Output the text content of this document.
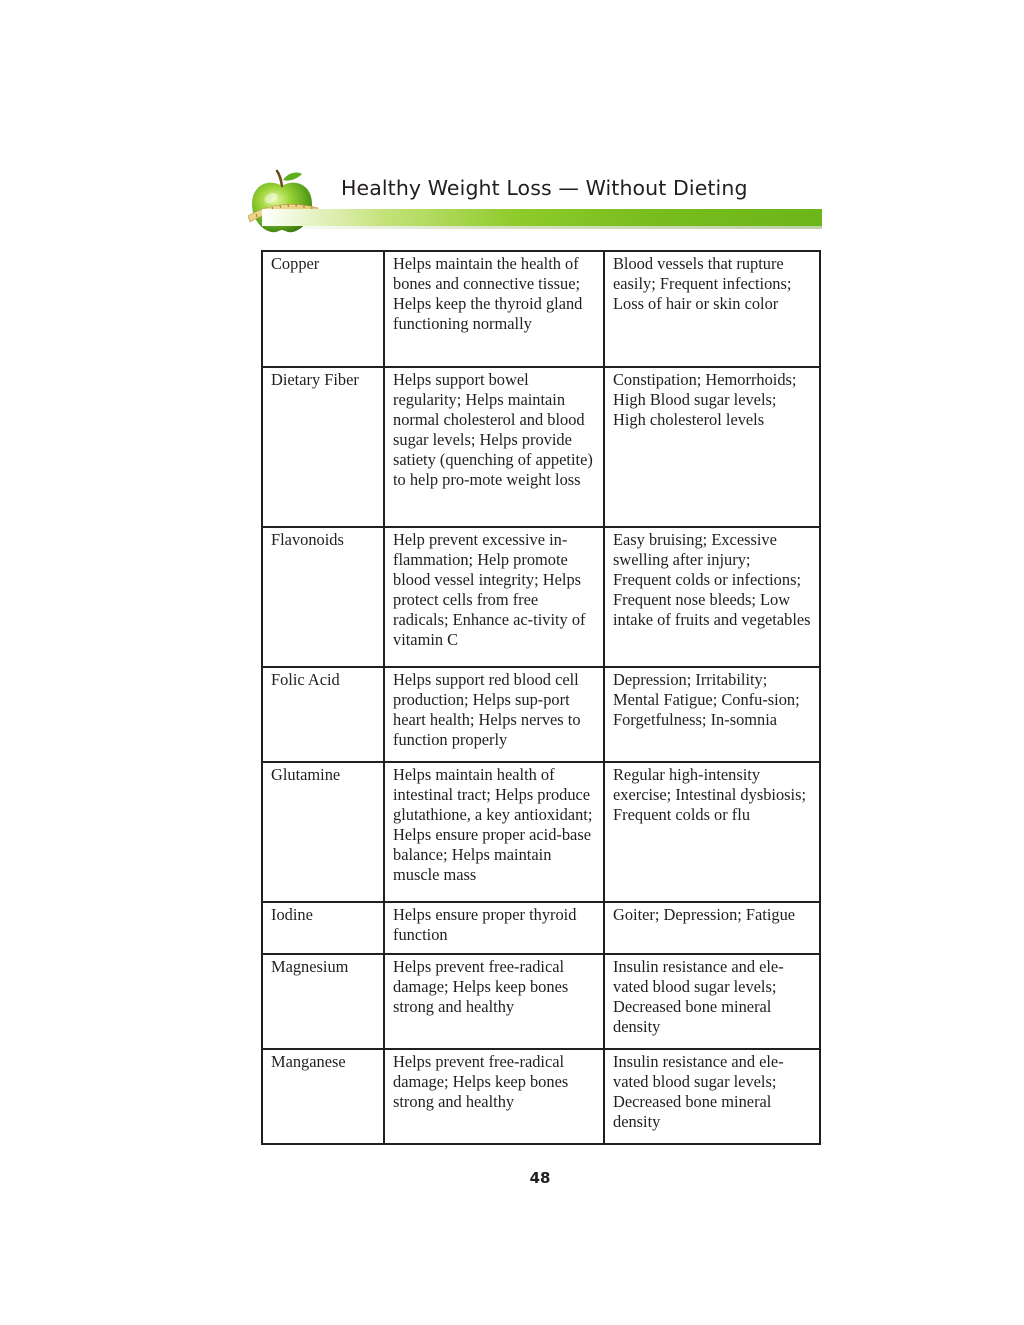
Healthy Weight Loss — Without Dieting
Copper	Helps maintain the health of bones and connective tissue; Helps keep the thyroid gland functioning normally	Blood vessels that rupture easily; Frequent infections; Loss of hair or skin color
Dietary Fiber	Helps support bowel regularity; Helps maintain normal cholesterol and blood sugar levels; Helps provide satiety (quenching of appetite) to help pro-mote weight loss	Constipation; Hemorrhoids; High Blood sugar levels; High cholesterol levels
Flavonoids	Help prevent excessive in-flammation; Help promote blood vessel integrity; Helps protect cells from free radicals; Enhance ac-tivity of vitamin C	Easy bruising; Excessive swelling after injury; Frequent colds or infections; Frequent nose bleeds; Low intake of fruits and vegetables
Folic Acid	Helps support red blood cell production; Helps sup-port heart health; Helps nerves to function properly	Depression; Irritability; Mental Fatigue; Confu-sion; Forgetfulness; In-somnia
Glutamine	Helps maintain health of intestinal tract; Helps produce glutathione, a key antioxidant; Helps ensure proper acid-base balance; Helps maintain muscle mass	Regular high-intensity exercise; Intestinal dysbiosis; Frequent colds or flu
Iodine	Helps ensure proper thyroid function	Goiter; Depression; Fatigue
Magnesium	Helps prevent free-radical damage; Helps keep bones strong and healthy	Insulin resistance and ele-vated blood sugar levels; Decreased bone mineral density
Manganese	Helps prevent free-radical damage; Helps keep bones strong and healthy	Insulin resistance and ele-vated blood sugar levels; Decreased bone mineral density
48
